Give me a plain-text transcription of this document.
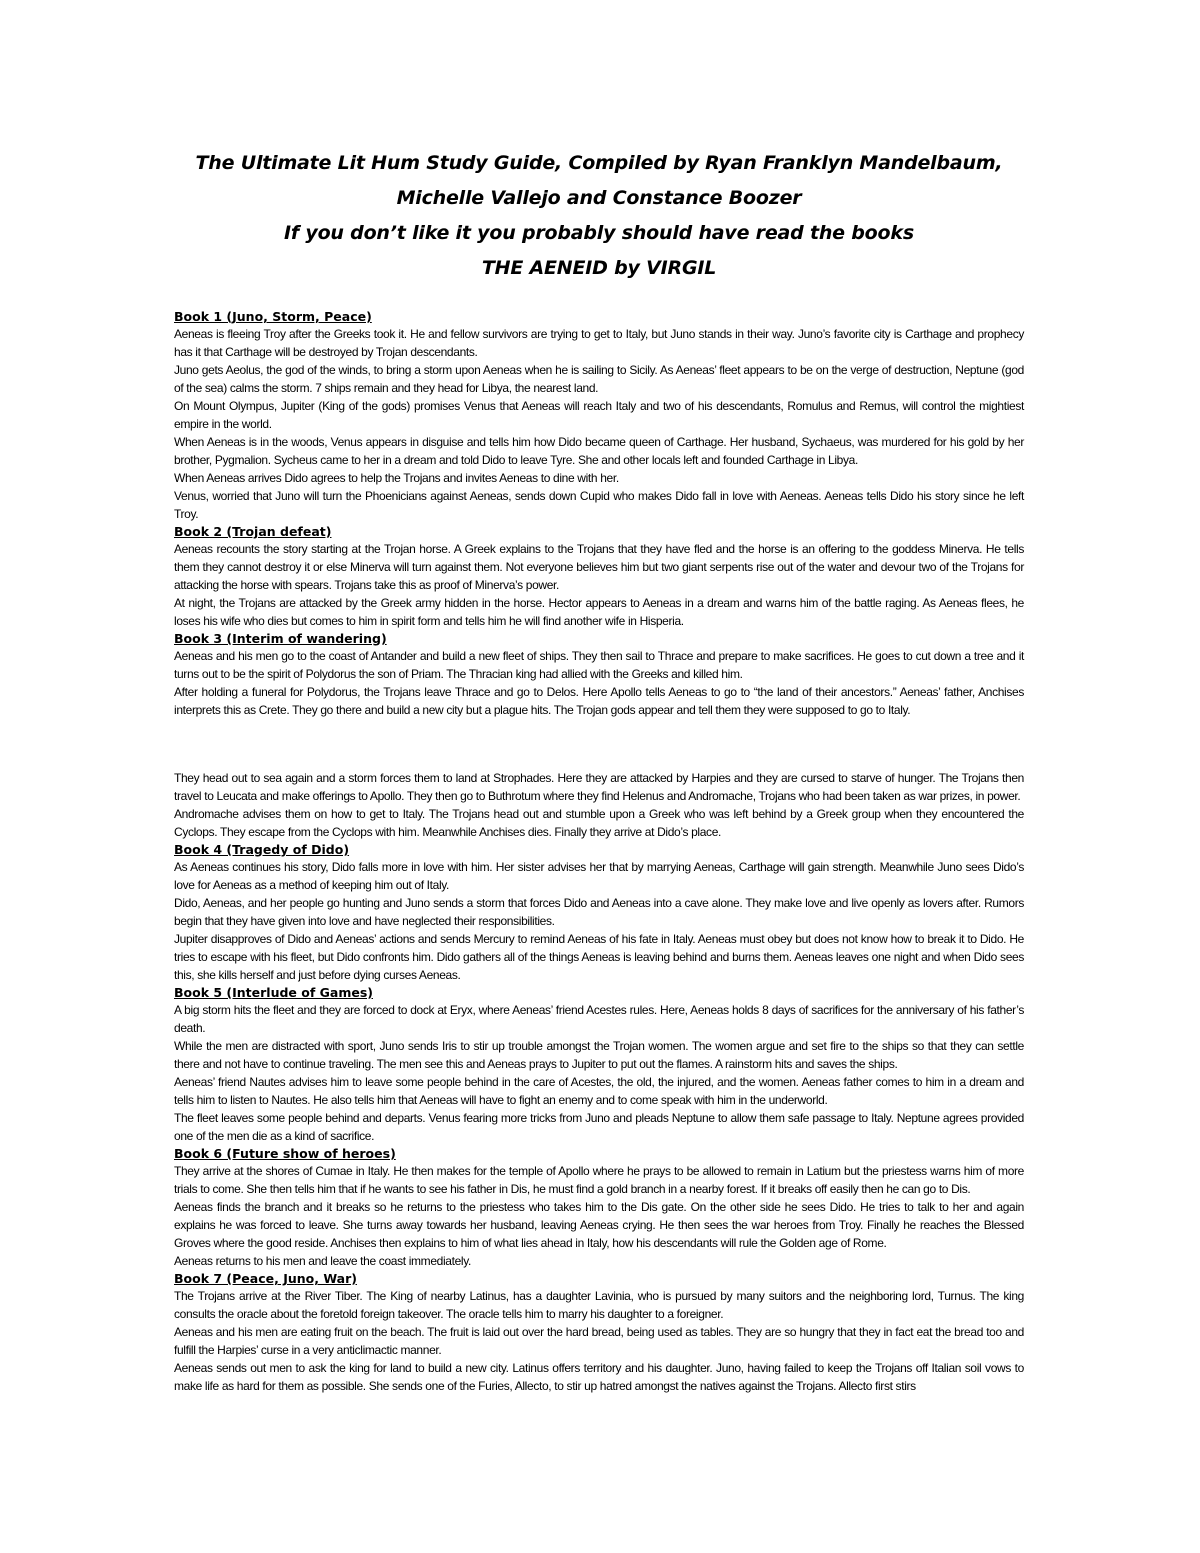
The Ultimate Lit Hum Study Guide, Compiled by Ryan Franklyn Mandelbaum,
Michelle Vallejo and Constance Boozer
If you don’t like it you probably should have read the books
THE AENEID by VIRGIL
Book 1 (Juno, Storm, Peace)

Aeneas is fleeing Troy after the Greeks took it. He and fellow survivors are trying to get to Italy, but Juno stands in their way. Juno’s favorite city is Carthage and prophecy has it that Carthage will be destroyed by Trojan descendants.

Juno gets Aeolus, the god of the winds, to bring a storm upon Aeneas when he is sailing to Sicily. As Aeneas’ fleet appears to be on the verge of destruction, Neptune (god of the sea) calms the storm. 7 ships remain and they head for Libya, the nearest land.

On Mount Olympus, Jupiter (King of the gods) promises Venus that Aeneas will reach Italy and two of his descendants, Romulus and Remus, will control the mightiest empire in the world.

When Aeneas is in the woods, Venus appears in disguise and tells him how Dido became queen of Carthage. Her husband, Sychaeus, was murdered for his gold by her brother, Pygmalion. Sycheus came to her in a dream and told Dido to leave Tyre. She and other locals left and founded Carthage in Libya.

When Aeneas arrives Dido agrees to help the Trojans and invites Aeneas to dine with her.

Venus, worried that Juno will turn the Phoenicians against Aeneas, sends down Cupid who makes Dido fall in love with Aeneas. Aeneas tells Dido his story since he left Troy.

Book 2 (Trojan defeat)

Aeneas recounts the story starting at the Trojan horse. A Greek explains to the Trojans that they have fled and the horse is an offering to the goddess Minerva. He tells them they cannot destroy it or else Minerva will turn against them. Not everyone believes him but two giant serpents rise out of the water and devour two of the Trojans for attacking the horse with spears. Trojans take this as proof of Minerva’s power.

At night, the Trojans are attacked by the Greek army hidden in the horse. Hector appears to Aeneas in a dream and warns him of the battle raging. As Aeneas flees, he loses his wife who dies but comes to him in spirit form and tells him he will find another wife in Hisperia.

Book 3 (Interim of wandering)

Aeneas and his men go to the coast of Antander and build a new fleet of ships. They then sail to Thrace and prepare to make sacrifices. He goes to cut down a tree and it turns out to be the spirit of Polydorus the son of Priam. The Thracian king had allied with the Greeks and killed him.

After holding a funeral for Polydorus, the Trojans leave Thrace and go to Delos. Here Apollo tells Aeneas to go to “the land of their ancestors.” Aeneas’ father, Anchises interprets this as Crete. They go there and build a new city but a plague hits. The Trojan gods appear and tell them they were supposed to go to Italy.

They head out to sea again and a storm forces them to land at Strophades. Here they are attacked by Harpies and they are cursed to starve of hunger. The Trojans then travel to Leucata and make offerings to Apollo. They then go to Buthrotum where they find Helenus and Andromache, Trojans who had been taken as war prizes, in power.

Andromache advises them on how to get to Italy. The Trojans head out and stumble upon a Greek who was left behind by a Greek group when they encountered the Cyclops. They escape from the Cyclops with him. Meanwhile Anchises dies. Finally they arrive at Dido’s place.

Book 4 (Tragedy of Dido)

As Aeneas continues his story, Dido falls more in love with him. Her sister advises her that by marrying Aeneas, Carthage will gain strength. Meanwhile Juno sees Dido’s love for Aeneas as a method of keeping him out of Italy.

Dido, Aeneas, and her people go hunting and Juno sends a storm that forces Dido and Aeneas into a cave alone. They make love and live openly as lovers after. Rumors begin that they have given into love and have neglected their responsibilities.

Jupiter disapproves of Dido and Aeneas’ actions and sends Mercury to remind Aeneas of his fate in Italy. Aeneas must obey but does not know how to break it to Dido. He tries to escape with his fleet, but Dido confronts him. Dido gathers all of the things Aeneas is leaving behind and burns them. Aeneas leaves one night and when Dido sees this, she kills herself and just before dying curses Aeneas.

Book 5 (Interlude of Games)

A big storm hits the fleet and they are forced to dock at Eryx, where Aeneas’ friend Acestes rules. Here, Aeneas holds 8 days of sacrifices for the anniversary of his father’s death.

While the men are distracted with sport, Juno sends Iris to stir up trouble amongst the Trojan women. The women argue and set fire to the ships so that they can settle there and not have to continue traveling. The men see this and Aeneas prays to Jupiter to put out the flames. A rainstorm hits and saves the ships.

Aeneas’ friend Nautes advises him to leave some people behind in the care of Acestes, the old, the injured, and the women. Aeneas father comes to him in a dream and tells him to listen to Nautes. He also tells him that Aeneas will have to fight an enemy and to come speak with him in the underworld.

The fleet leaves some people behind and departs. Venus fearing more tricks from Juno and pleads Neptune to allow them safe passage to Italy. Neptune agrees provided one of the men die as a kind of sacrifice.

Book 6 (Future show of heroes)

They arrive at the shores of Cumae in Italy. He then makes for the temple of Apollo where he prays to be allowed to remain in Latium but the priestess warns him of more trials to come. She then tells him that if he wants to see his father in Dis, he must find a gold branch in a nearby forest. If it breaks off easily then he can go to Dis.

Aeneas finds the branch and it breaks so he returns to the priestess who takes him to the Dis gate. On the other side he sees Dido. He tries to talk to her and again explains he was forced to leave. She turns away towards her husband, leaving Aeneas crying. He then sees the war heroes from Troy. Finally he reaches the Blessed Groves where the good reside. Anchises then explains to him of what lies ahead in Italy, how his descendants will rule the Golden age of Rome.

Aeneas returns to his men and leave the coast immediately.

Book 7 (Peace, Juno, War)

The Trojans arrive at the River Tiber. The King of nearby Latinus, has a daughter Lavinia, who is pursued by many suitors and the neighboring lord, Turnus. The king consults the oracle about the foretold foreign takeover. The oracle tells him to marry his daughter to a foreigner.

Aeneas and his men are eating fruit on the beach. The fruit is laid out over the hard bread, being used as tables. They are so hungry that they in fact eat the bread too and fulfill the Harpies’ curse in a very anticlimactic manner.

Aeneas sends out men to ask the king for land to build a new city. Latinus offers territory and his daughter. Juno, having failed to keep the Trojans off Italian soil vows to make life as hard for them as possible. She sends one of the Furies, Allecto, to stir up hatred amongst the natives against the Trojans. Allecto first stirs
